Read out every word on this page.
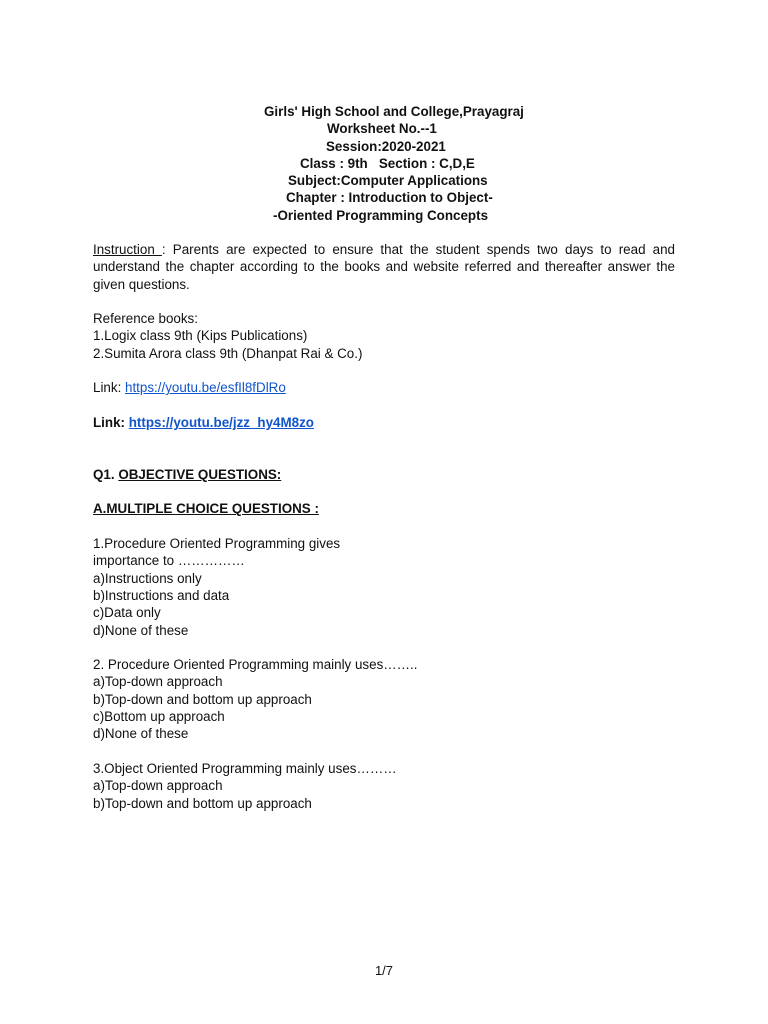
Girls' High School and College,Prayagraj
Worksheet No.--1
Session:2020-2021
Class : 9th   Section : C,D,E
Subject:Computer Applications
Chapter : Introduction to Object-
-Oriented Programming Concepts
Instruction : Parents are expected to ensure that the student spends two days to read and
understand the chapter according to the books and website referred and thereafter answer the
given questions.
Reference books:
1.Logix class 9th (Kips Publications)
2.Sumita Arora class 9th (Dhanpat Rai & Co.)
Link: https://youtu.be/esfIl8fDlRo
Link: https://youtu.be/jzz_hy4M8zo
Q1. OBJECTIVE QUESTIONS:
A.MULTIPLE CHOICE QUESTIONS :
1.Procedure Oriented Programming gives
importance to ……………
a)Instructions only
b)Instructions and data
c)Data only
d)None of these
2. Procedure Oriented Programming mainly uses……..
a)Top-down approach
b)Top-down and bottom up approach
c)Bottom up approach
d)None of these
3.Object Oriented Programming mainly uses………
a)Top-down approach
b)Top-down and bottom up approach
1/7
